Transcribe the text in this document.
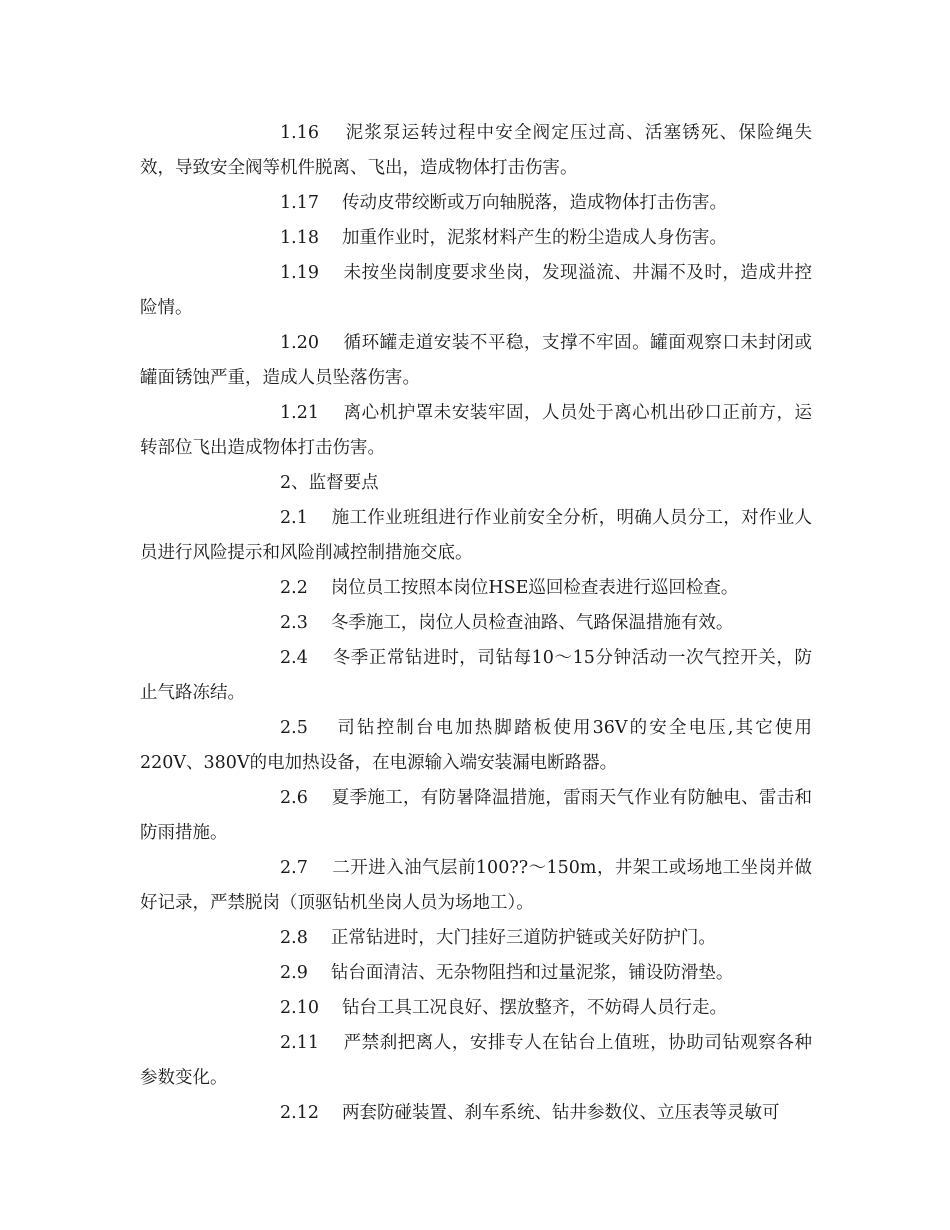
1.16　 泥浆泵运转过程中安全阀定压过高、活塞锈死、保险绳失效，导致安全阀等机件脱离、飞出，造成物体打击伤害。

1.17　 传动皮带绞断或万向轴脱落，造成物体打击伤害。

1.18　 加重作业时，泥浆材料产生的粉尘造成人身伤害。

1.19　 未按坐岗制度要求坐岗，发现溢流、井漏不及时，造成井控险情。

1.20　 循环罐走道安装不平稳，支撑不牢固。罐面观察口未封闭或罐面锈蚀严重，造成人员坠落伤害。

1.21　 离心机护罩未安装牢固，人员处于离心机出砂口正前方，运转部位飞出造成物体打击伤害。

2、监督要点

2.1　 施工作业班组进行作业前安全分析，明确人员分工，对作业人员进行风险提示和风险削减控制措施交底。

2.2　 岗位员工按照本岗位HSE巡回检查表进行巡回检查。

2.3　 冬季施工，岗位人员检查油路、气路保温措施有效。

2.4　 冬季正常钻进时，司钻每10～15分钟活动一次气控开关，防止气路冻结。

2.5　 司钻控制台电加热脚踏板使用36V的安全电压,其它使用220V、380V的电加热设备，在电源输入端安装漏电断路器。

2.6　 夏季施工，有防暑降温措施，雷雨天气作业有防触电、雷击和防雨措施。

2.7　 二开进入油气层前100??～150m，井架工或场地工坐岗并做好记录，严禁脱岗（顶驱钻机坐岗人员为场地工）。

2.8　 正常钻进时，大门挂好三道防护链或关好防护门。

2.9　 钻台面清洁、无杂物阻挡和过量泥浆，铺设防滑垫。

2.10　 钻台工具工况良好、摆放整齐，不妨碍人员行走。

2.11　 严禁刹把离人，安排专人在钻台上值班，协助司钻观察各种参数变化。

2.12　 两套防碰装置、刹车系统、钻井参数仪、立压表等灵敏可
